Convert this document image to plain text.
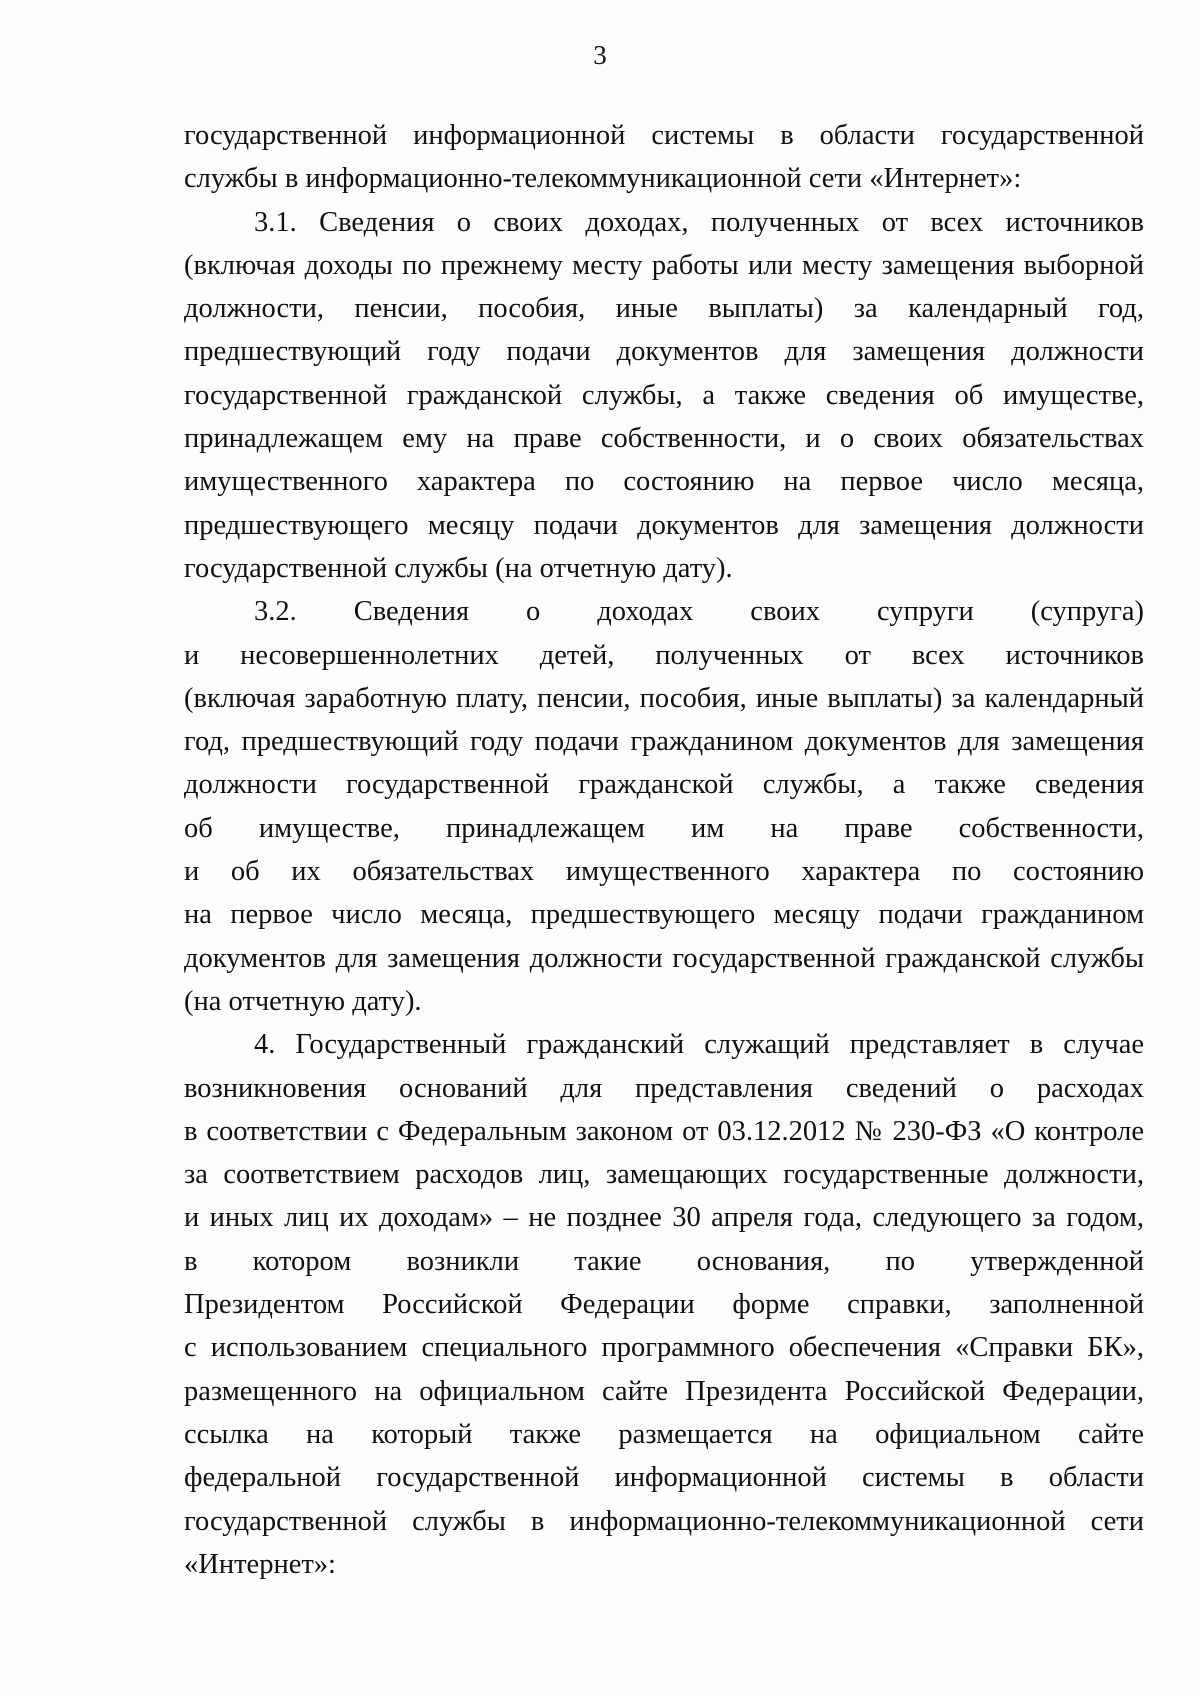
3
государственной информационной системы в области государственной
службы в информационно-телекоммуникационной сети «Интернет»:
3.1. Сведения о своих доходах, полученных от всех источников
(включая доходы по прежнему месту работы или месту замещения выборной
должности, пенсии, пособия, иные выплаты) за календарный год,
предшествующий году подачи документов для замещения должности
государственной гражданской службы, а также сведения об имуществе,
принадлежащем ему на праве собственности, и о своих обязательствах
имущественного характера по состоянию на первое число месяца,
предшествующего месяцу подачи документов для замещения должности
государственной службы (на отчетную дату).
3.2. Сведения о доходах своих супруги (супруга)
и несовершеннолетних детей, полученных от всех источников
(включая заработную плату, пенсии, пособия, иные выплаты) за календарный
год, предшествующий году подачи гражданином документов для замещения
должности государственной гражданской службы, а также сведения
об имуществе, принадлежащем им на праве собственности,
и об их обязательствах имущественного характера по состоянию
на первое число месяца, предшествующего месяцу подачи гражданином
документов для замещения должности государственной гражданской службы
(на отчетную дату).
4. Государственный гражданский служащий представляет в случае
возникновения оснований для представления сведений о расходах
в соответствии с Федеральным законом от 03.12.2012 № 230-ФЗ «О контроле
за соответствием расходов лиц, замещающих государственные должности,
и иных лиц их доходам» – не позднее 30 апреля года, следующего за годом,
в котором возникли такие основания, по утвержденной
Президентом Российской Федерации форме справки, заполненной
с использованием специального программного обеспечения «Справки БК»,
размещенного на официальном сайте Президента Российской Федерации,
ссылка на который также размещается на официальном сайте
федеральной государственной информационной системы в области
государственной службы в информационно-телекоммуникационной сети
«Интернет»:
